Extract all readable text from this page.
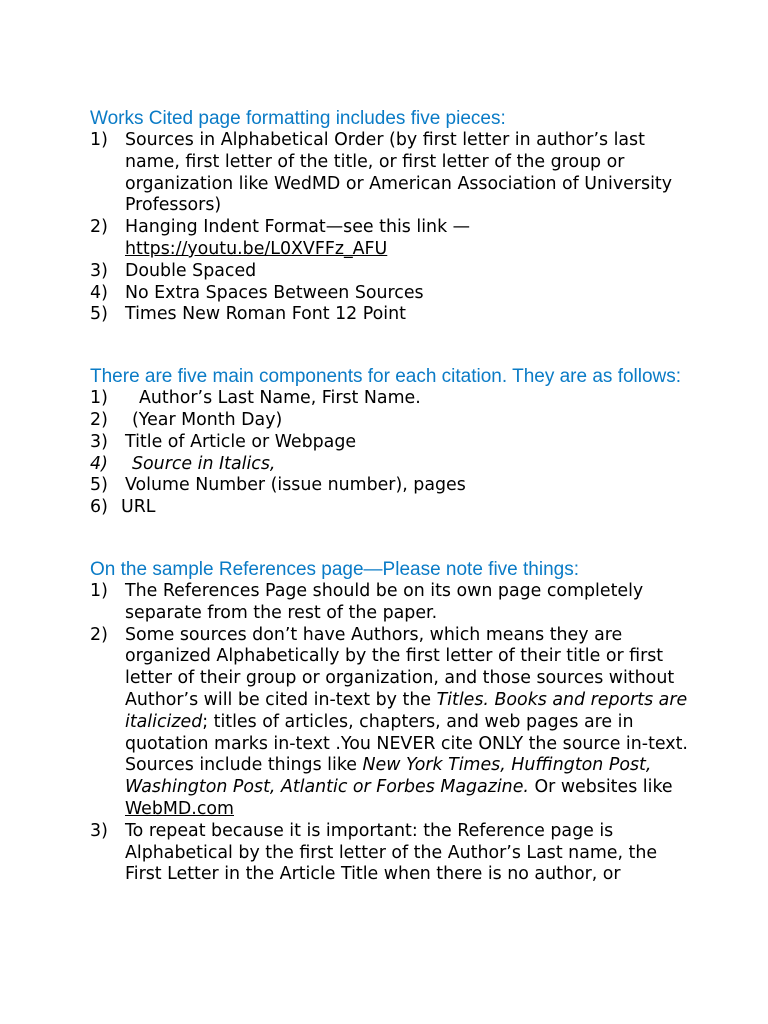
Works Cited page formatting includes five pieces:
1) Sources in Alphabetical Order (by first letter in author’s last name, first letter of the title, or first letter of the group or organization like WedMD or American Association of University Professors)
2) Hanging Indent Format—see this link —https://youtu.be/L0XVFFz_AFU
3) Double Spaced
4) No Extra Spaces Between Sources
5) Times New Roman Font 12 Point
There are five main components for each citation. They are as follows:
1)	Author’s Last Name, First Name.
2)	(Year Month Day)
3) Title of Article or Webpage
4)	Source in Italics,
5) Volume Number (issue number), pages
6) URL
On the sample References page—Please note five things:
1) The References Page should be on its own page completely separate from the rest of the paper.
2) Some sources don’t have Authors, which means they are organized Alphabetically by the first letter of their title or first letter of their group or organization, and those sources without Author’s will be cited in-text by the Titles. Books and reports are italicized; titles of articles, chapters, and web pages are in quotation marks in-text .You NEVER cite ONLY the source in-text. Sources include things like New York Times, Huffington Post, Washington Post, Atlantic or Forbes Magazine. Or websites like WebMD.com
3) To repeat because it is important: the Reference page is Alphabetical by the first letter of the Author’s Last name, the First Letter in the Article Title when there is no author, or
